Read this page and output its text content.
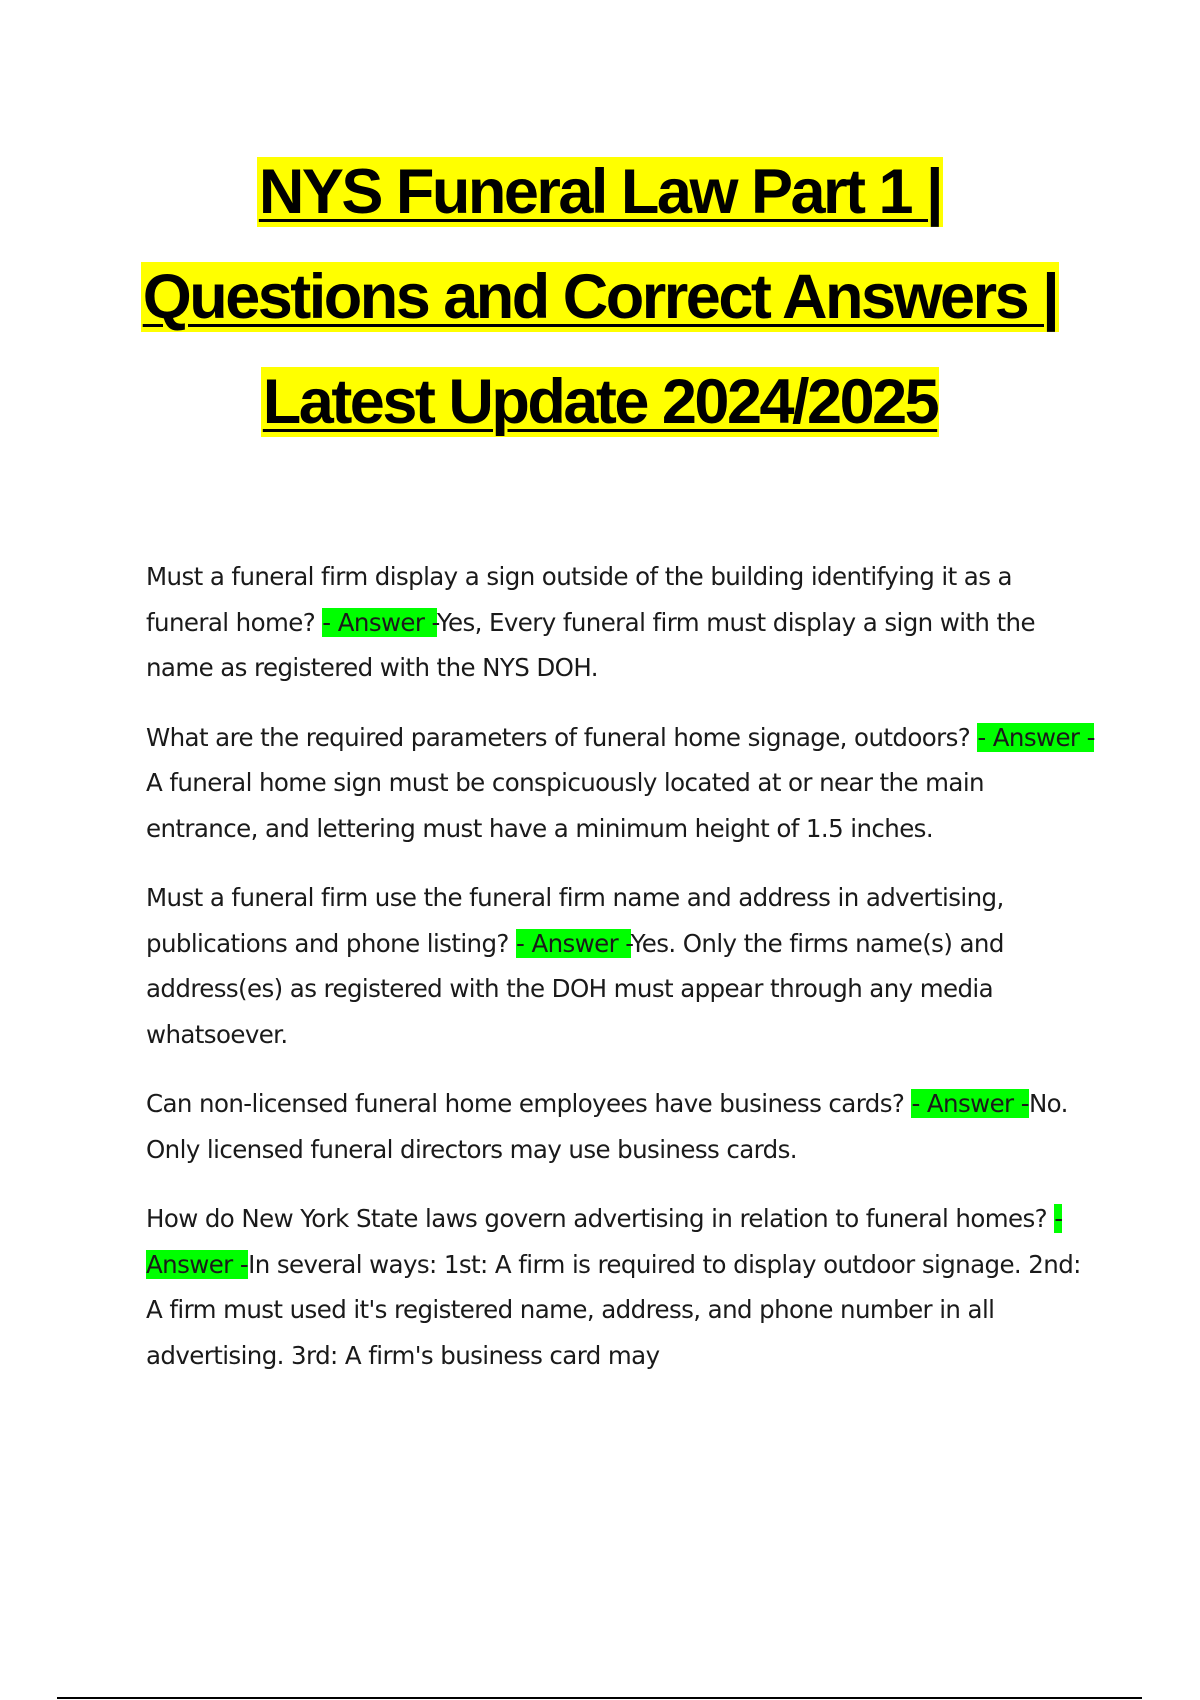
NYS Funeral Law Part 1 |
Questions and Correct Answers |
Latest Update 2024/2025

Must a funeral firm display a sign outside of the building identifying it as a funeral home? - Answer -Yes, Every funeral firm must display a sign with the name as registered with the NYS DOH.

What are the required parameters of funeral home signage, outdoors? - Answer -A funeral home sign must be conspicuously located at or near the main entrance, and lettering must have a minimum height of 1.5 inches.

Must a funeral firm use the funeral firm name and address in advertising, publications and phone listing? - Answer -Yes. Only the firms name(s) and address(es) as registered with the DOH must appear through any media whatsoever.

Can non-licensed funeral home employees have business cards? - Answer -No. Only licensed funeral directors may use business cards.

How do New York State laws govern advertising in relation to funeral homes? - Answer -In several ways: 1st: A firm is required to display outdoor signage. 2nd: A firm must used it's registered name, address, and phone number in all advertising. 3rd: A firm's business card may
